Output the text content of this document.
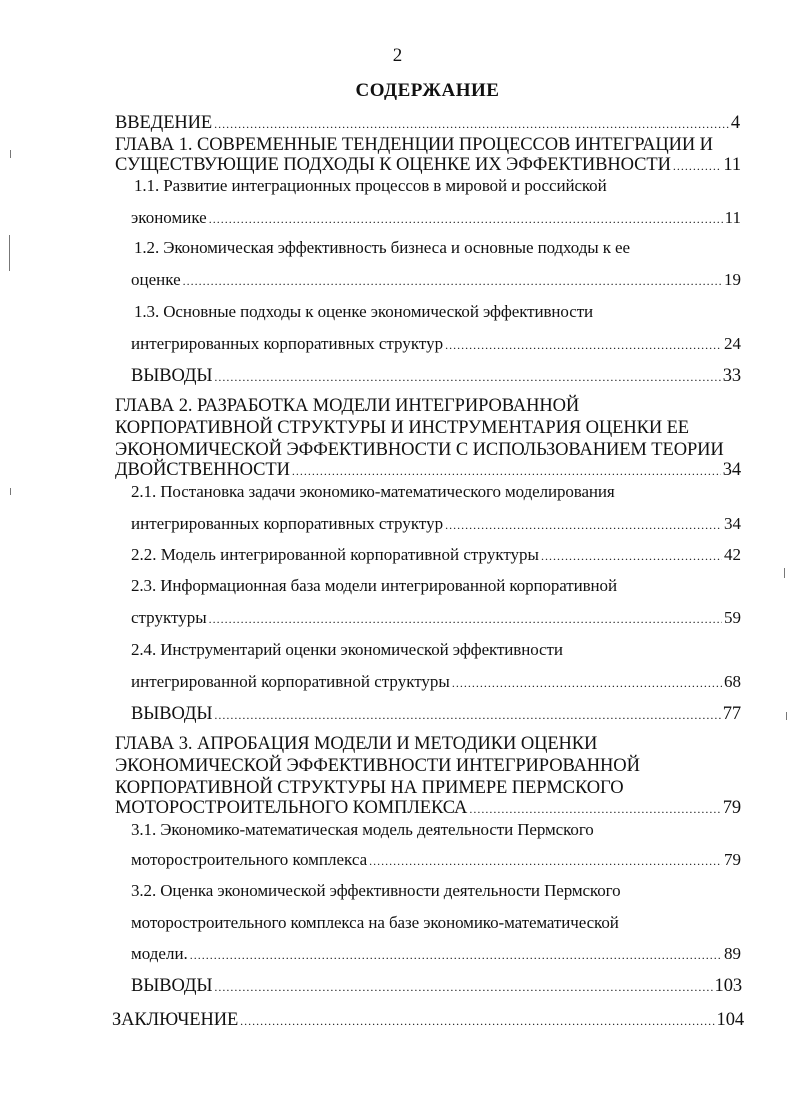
2
СОДЕРЖАНИЕ
ВВЕДЕНИЕ .....	4
ГЛАВА 1. СОВРЕМЕННЫЕ ТЕНДЕНЦИИ ПРОЦЕССОВ ИНТЕГРАЦИИ И
СУЩЕСТВУЮЩИЕ ПОДХОДЫ К ОЦЕНКЕ ИХ ЭФФЕКТИВНОСТИ .....	11
1.1. Развитие интеграционных процессов в мировой и российской
экономике .....	11
1.2. Экономическая эффективность бизнеса и основные подходы к ее
оценке .....	19
1.3. Основные подходы к оценке экономической эффективности
интегрированных корпоративных структур .....	24
ВЫВОДЫ .....	33
ГЛАВА 2. РАЗРАБОТКА МОДЕЛИ ИНТЕГРИРОВАННОЙ
КОРПОРАТИВНОЙ СТРУКТУРЫ И ИНСТРУМЕНТАРИЯ ОЦЕНКИ ЕЕ
ЭКОНОМИЧЕСКОЙ ЭФФЕКТИВНОСТИ С ИСПОЛЬЗОВАНИЕМ ТЕОРИИ
ДВОЙСТВЕННОСТИ .....	34
2.1. Постановка задачи экономико-математического моделирования
интегрированных корпоративных структур .....	34
2.2. Модель интегрированной корпоративной структуры .....	42
2.3. Информационная база модели интегрированной корпоративной
структуры .....	59
2.4. Инструментарий оценки экономической эффективности
интегрированной корпоративной структуры .....	68
ВЫВОДЫ .....	77
ГЛАВА 3. АПРОБАЦИЯ МОДЕЛИ И МЕТОДИКИ ОЦЕНКИ
ЭКОНОМИЧЕСКОЙ ЭФФЕКТИВНОСТИ ИНТЕГРИРОВАННОЙ
КОРПОРАТИВНОЙ СТРУКТУРЫ НА ПРИМЕРЕ ПЕРМСКОГО
МОТОРОСТРОИТЕЛЬНОГО КОМПЛЕКСА .....	79
3.1. Экономико-математическая модель деятельности Пермского
моторостроительного комплекса .....	79
3.2. Оценка экономической эффективности деятельности Пермского
моторостроительного комплекса на базе экономико-математической
модели. .....	89
ВЫВОДЫ .....	103
ЗАКЛЮЧЕНИЕ .....	104
